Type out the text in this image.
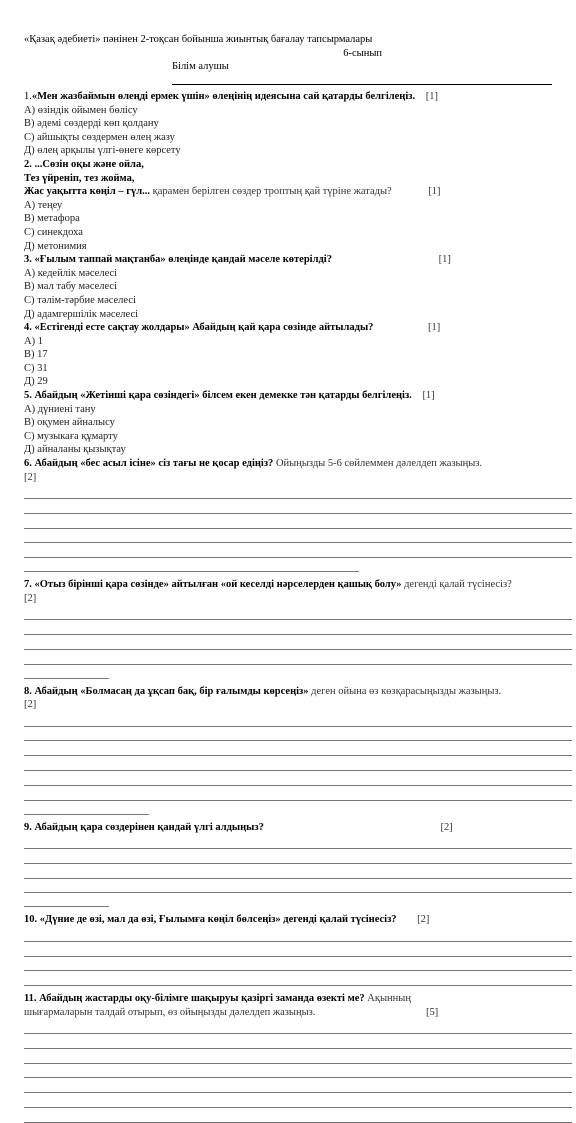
«Қазақ әдебиеті» пәнінен 2-тоқсан бойынша жиынтық бағалау тапсырмалары
6-сынып
Білім алушы
1.«Мен жазбаймын өлеңді ермек үшін» өлеңінің идеясына сай қатарды белгілеңіз. [1]
А) өзіндік ойымен бөлісу
В) әдемі сөздерді көп қолдану
С) айшықты сөздермен өлең жазу
Д) өлең арқылы үлгі-өнеге көрсету
2. ...Сөзін оқы және ойла,
Тез үйреніп, тез жойма,
Жас уақытта көңіл – гүл... қарамен берілген сөздер троптың қай түріне жатады?	[1]
А) теңеу
В) метафора
С) синекдоха
Д) метонимия
3. «Ғылым таппай мақтанба» өлеңінде қандай мәселе көтерілді?	[1]
А) кедейлік мәселесі
В) мал табу мәселесі
С) тәлім-тәрбие мәселесі
Д) адамгершілік мәселесі
4. «Естігенді есте сақтау жолдары» Абайдың қай қара сөзінде айтылады?	[1]
А) 1
В) 17
С) 31
Д) 29
5. Абайдың «Жетінші қара сөзіндегі» білсем екен демекке тән қатарды белгілеңіз. [1]
А) дүниені тану
В) оқумен айналысу
С) музыкаға құмарту
Д) айналаны қызықтау
6. Абайдың «бес асыл ісіне» сіз тағы не қосар едіңіз? Ойыңызды 5-6 сөйлеммен дәлелдеп жазыңыз.
[2]
7. «Отыз бірінші қара сөзінде» айтылған «ой кеселді нәрселерден қашық болу» дегенді қалай түсінесіз?
[2]
8. Абайдың «Болмасаң да ұқсап бақ, бір ғалымды көрсеңіз» деген ойына өз көзқарасыңызды жазыңыз.
[2]
9. Абайдың қара сөздерінен қандай үлгі алдыңыз?	[2]
10. «Дүние де өзі, мал да өзі, Ғылымға көңіл бөлсеңіз» дегенді қалай түсінесіз? [2]
11. Абайдың жастарды оқу-білімге шақыруы қазіргі заманда өзекті ме? Ақынның
шығармаларын талдай отырып, өз ойыңызды дәлелдеп жазыңыз.	[5]
